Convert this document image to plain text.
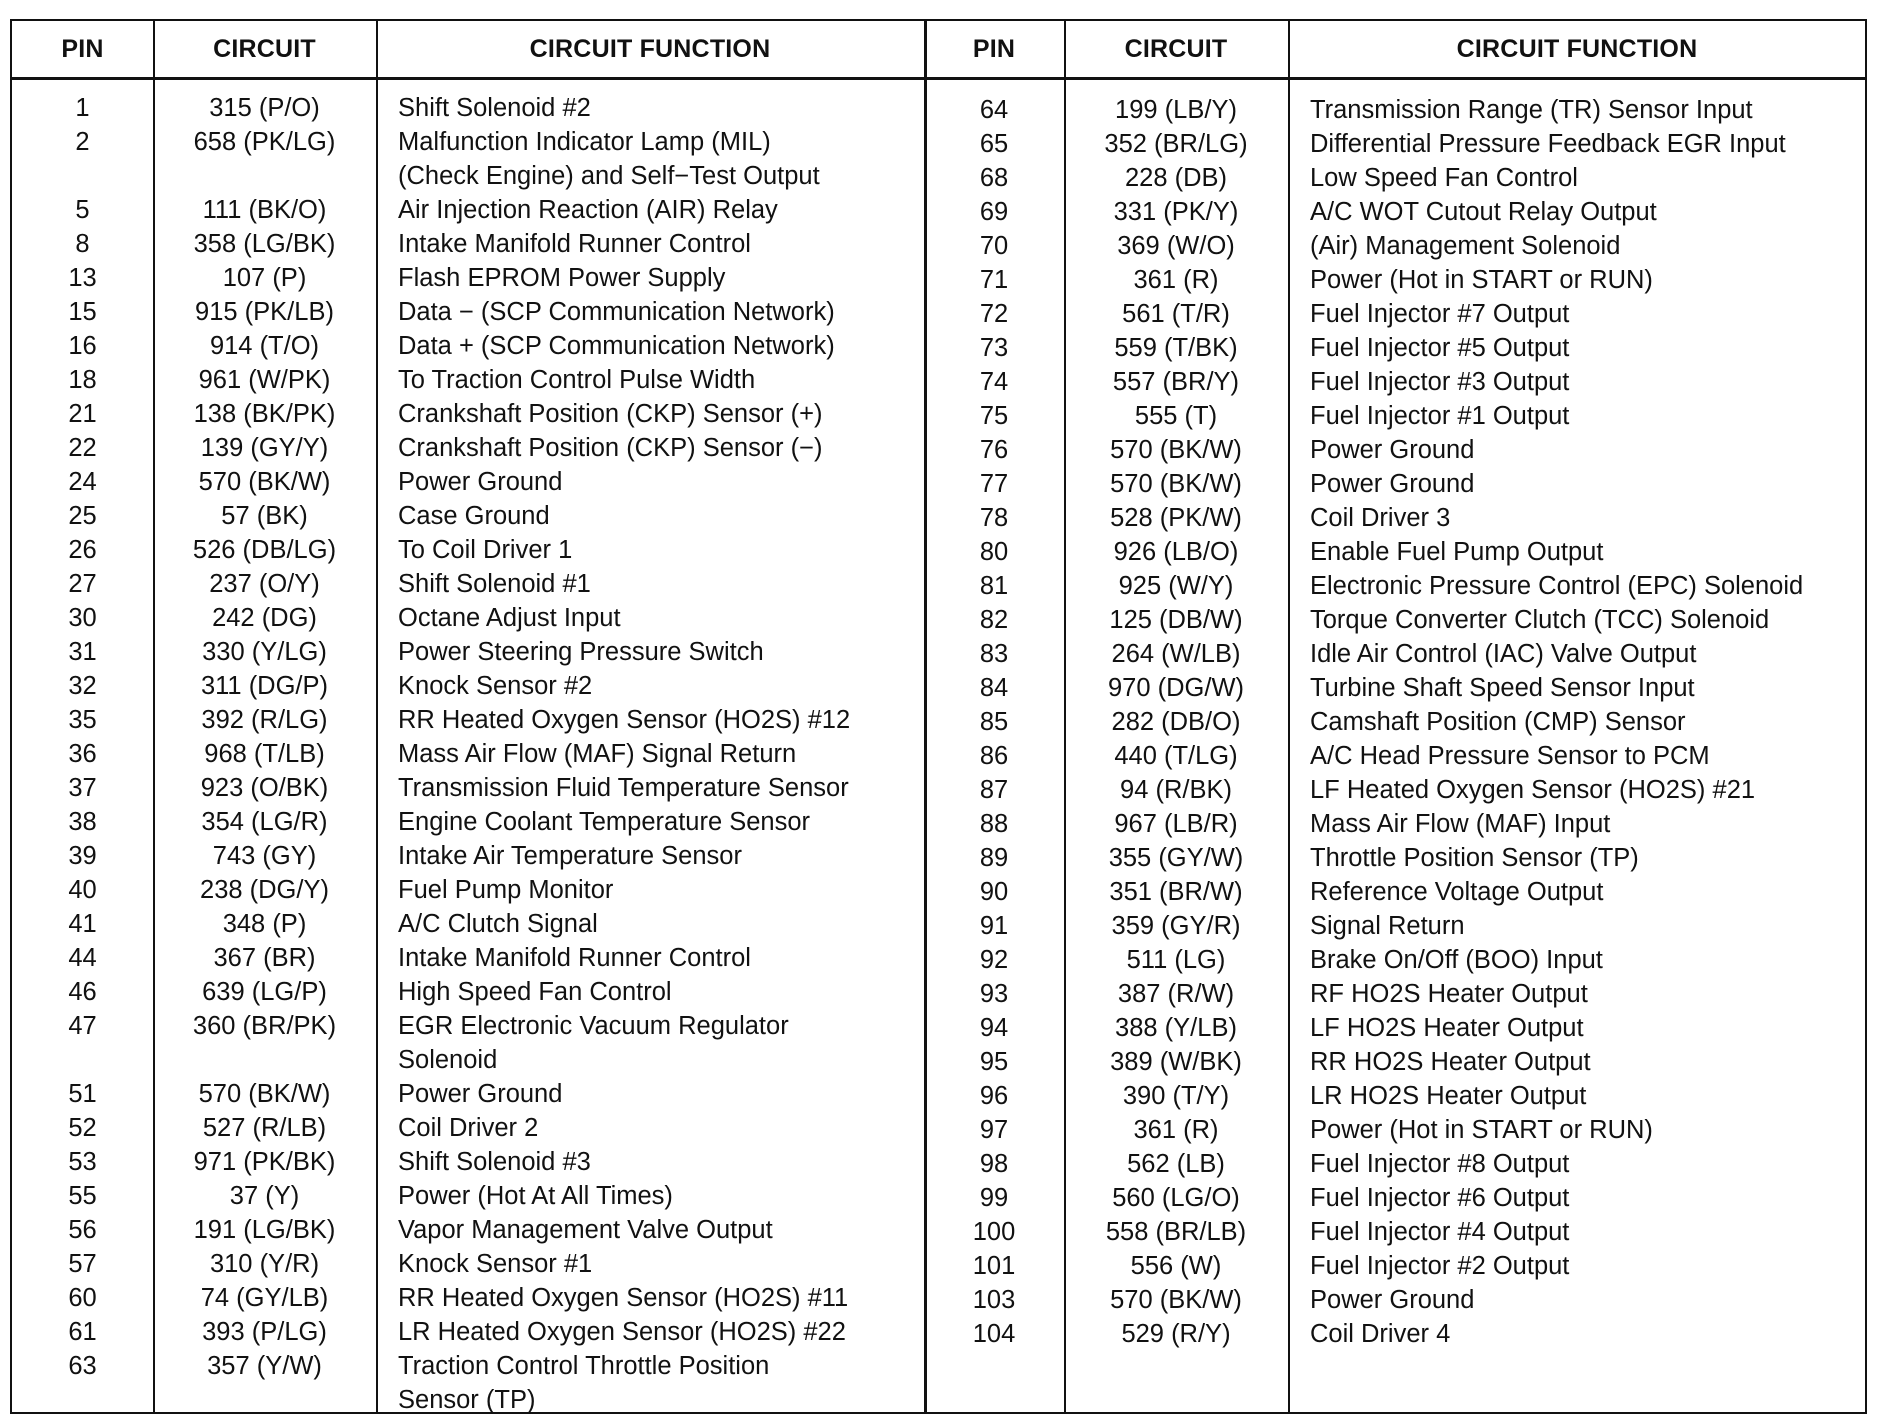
PIN	CIRCUIT	CIRCUIT FUNCTION	PIN	CIRCUIT	CIRCUIT FUNCTION
1	315 (P/O)	Shift Solenoid #2
2	658 (PK/LG)	Malfunction Indicator Lamp (MIL)
(Check Engine) and Self−Test Output
5	111 (BK/O)	Air Injection Reaction (AIR) Relay
8	358 (LG/BK)	Intake Manifold Runner Control
13	107 (P)	Flash EPROM Power Supply
15	915 (PK/LB)	Data − (SCP Communication Network)
16	914 (T/O)	Data + (SCP Communication Network)
18	961 (W/PK)	To Traction Control Pulse Width
21	138 (BK/PK)	Crankshaft Position (CKP) Sensor (+)
22	139 (GY/Y)	Crankshaft Position (CKP) Sensor (−)
24	570 (BK/W)	Power Ground
25	57 (BK)	Case Ground
26	526 (DB/LG)	To Coil Driver 1
27	237 (O/Y)	Shift Solenoid #1
30	242 (DG)	Octane Adjust Input
31	330 (Y/LG)	Power Steering Pressure Switch
32	311 (DG/P)	Knock Sensor #2
35	392 (R/LG)	RR Heated Oxygen Sensor (HO2S) #12
36	968 (T/LB)	Mass Air Flow (MAF) Signal Return
37	923 (O/BK)	Transmission Fluid Temperature Sensor
38	354 (LG/R)	Engine Coolant Temperature Sensor
39	743 (GY)	Intake Air Temperature Sensor
40	238 (DG/Y)	Fuel Pump Monitor
41	348 (P)	A/C Clutch Signal
44	367 (BR)	Intake Manifold Runner Control
46	639 (LG/P)	High Speed Fan Control
47	360 (BR/PK)	EGR Electronic Vacuum Regulator
Solenoid
51	570 (BK/W)	Power Ground
52	527 (R/LB)	Coil Driver 2
53	971 (PK/BK)	Shift Solenoid #3
55	37 (Y)	Power (Hot At All Times)
56	191 (LG/BK)	Vapor Management Valve Output
57	310 (Y/R)	Knock Sensor #1
60	74 (GY/LB)	RR Heated Oxygen Sensor (HO2S) #11
61	393 (P/LG)	LR Heated Oxygen Sensor (HO2S) #22
63	357 (Y/W)	Traction Control Throttle Position
Sensor (TP)
64	199 (LB/Y)	Transmission Range (TR) Sensor Input
65	352 (BR/LG)	Differential Pressure Feedback EGR Input
68	228 (DB)	Low Speed Fan Control
69	331 (PK/Y)	A/C WOT Cutout Relay Output
70	369 (W/O)	(Air) Management Solenoid
71	361 (R)	Power (Hot in START or RUN)
72	561 (T/R)	Fuel Injector #7 Output
73	559 (T/BK)	Fuel Injector #5 Output
74	557 (BR/Y)	Fuel Injector #3 Output
75	555 (T)	Fuel Injector #1 Output
76	570 (BK/W)	Power Ground
77	570 (BK/W)	Power Ground
78	528 (PK/W)	Coil Driver 3
80	926 (LB/O)	Enable Fuel Pump Output
81	925 (W/Y)	Electronic Pressure Control (EPC) Solenoid
82	125 (DB/W)	Torque Converter Clutch (TCC) Solenoid
83	264 (W/LB)	Idle Air Control (IAC) Valve Output
84	970 (DG/W)	Turbine Shaft Speed Sensor Input
85	282 (DB/O)	Camshaft Position (CMP) Sensor
86	440 (T/LG)	A/C Head Pressure Sensor to PCM
87	94 (R/BK)	LF Heated Oxygen Sensor (HO2S) #21
88	967 (LB/R)	Mass Air Flow (MAF) Input
89	355 (GY/W)	Throttle Position Sensor (TP)
90	351 (BR/W)	Reference Voltage Output
91	359 (GY/R)	Signal Return
92	511 (LG)	Brake On/Off (BOO) Input
93	387 (R/W)	RF HO2S Heater Output
94	388 (Y/LB)	LF HO2S Heater Output
95	389 (W/BK)	RR HO2S Heater Output
96	390 (T/Y)	LR HO2S Heater Output
97	361 (R)	Power (Hot in START or RUN)
98	562 (LB)	Fuel Injector #8 Output
99	560 (LG/O)	Fuel Injector #6 Output
100	558 (BR/LB)	Fuel Injector #4 Output
101	556 (W)	Fuel Injector #2 Output
103	570 (BK/W)	Power Ground
104	529 (R/Y)	Coil Driver 4
